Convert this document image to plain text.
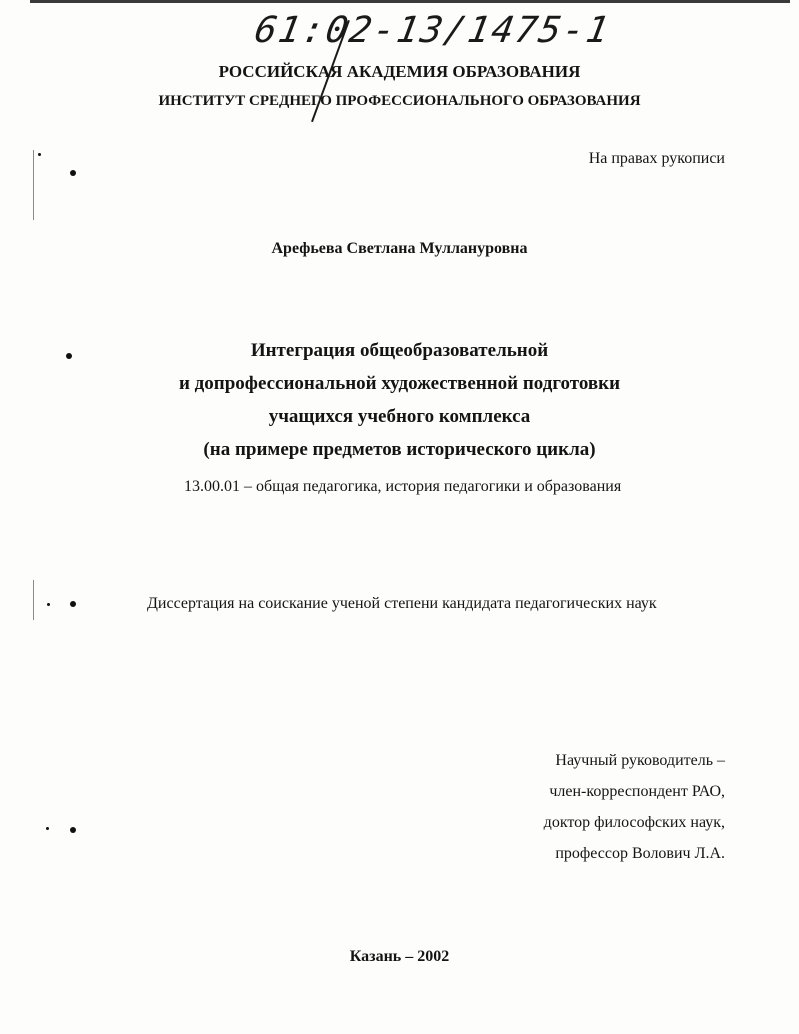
61:02-13/1475-1
РОССИЙСКАЯ АКАДЕМИЯ ОБРАЗОВАНИЯ
ИНСТИТУТ СРЕДНЕГО ПРОФЕССИОНАЛЬНОГО ОБРАЗОВАНИЯ
На правах рукописи
Арефьева Светлана Муллануровна
Интеграция общеобразовательной
и допрофессиональной художественной подготовки
учащихся учебного комплекса
(на примере предметов исторического цикла)
13.00.01 – общая педагогика, история педагогики и образования
Диссертация на соискание ученой степени кандидата педагогических наук
Научный руководитель –
член-корреспондент РАО,
доктор философских наук,
профессор Волович Л.А.
Казань – 2002
